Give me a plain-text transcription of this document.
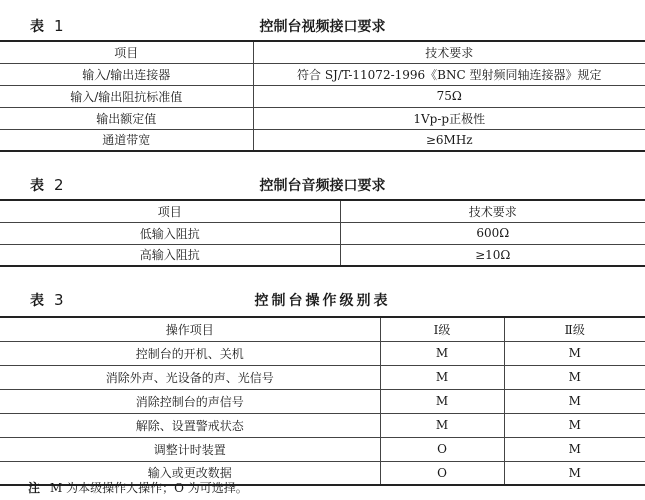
表 1	控制台视频接口要求
项目	技术要求
输入/输出连接器	符合 SJ/T-11072-1996《BNC 型射频同轴连接器》规定
输入/输出阻抗标准值	75Ω
输出额定值	1Vp-p正极性
通道带宽	≥6MHz
表 2	控制台音频接口要求
项目	技术要求
低输入阻抗	600Ω
高输入阻抗	≥10Ω
表 3	控制台操作级别表
操作项目	Ⅰ级	Ⅱ级
控制台的开机、关机	M	M
消除外声、光设备的声、光信号	M	M
消除控制台的声信号	M	M
解除、设置警戒状态	M	M
调整计时装置	O	M
输入或更改数据	O	M
注 M 为本级操作人操作；O 为可选择。
